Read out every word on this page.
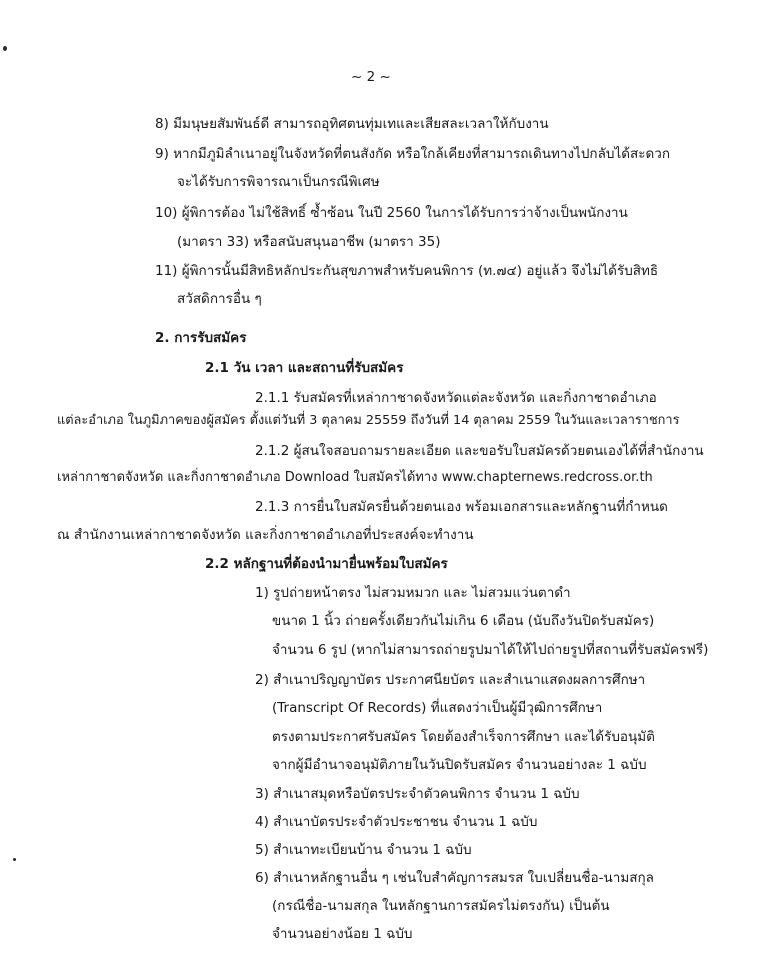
~ 2 ~
8) มีมนุษยสัมพันธ์ดี สามารถอุทิศตนทุ่มเทและเสียสละเวลาให้กับงาน
9) หากมีภูมิลำเนาอยู่ในจังหวัดที่ตนสังกัด หรือใกล้เคียงที่สามารถเดินทางไปกลับได้สะดวก
จะได้รับการพิจารณาเป็นกรณีพิเศษ
10) ผู้พิการต้อง ไม่ใช้สิทธิ์ ซ้ำซ้อน ในปี 2560 ในการได้รับการว่าจ้างเป็นพนักงาน
(มาตรา 33) หรือสนับสนุนอาชีพ (มาตรา 35)
11) ผู้พิการนั้นมีสิทธิหลักประกันสุขภาพสำหรับคนพิการ (ท.๗๔) อยู่แล้ว จึงไม่ได้รับสิทธิ
สวัสดิการอื่น ๆ
2. การรับสมัคร
2.1 วัน เวลา และสถานที่รับสมัคร
2.1.1 รับสมัครที่เหล่ากาชาดจังหวัดแต่ละจังหวัด และกิ่งกาชาดอำเภอ
แต่ละอำเภอ ในภูมิภาคของผู้สมัคร ตั้งแต่วันที่ 3 ตุลาคม 25559 ถึงวันที่ 14 ตุลาคม 2559 ในวันและเวลาราชการ
2.1.2 ผู้สนใจสอบถามรายละเอียด และขอรับใบสมัครด้วยตนเองได้ที่สำนักงาน
เหล่ากาชาดจังหวัด และกิ่งกาชาดอำเภอ Download ใบสมัครได้ทาง www.chapternews.redcross.or.th
2.1.3 การยื่นใบสมัครยื่นด้วยตนเอง พร้อมเอกสารและหลักฐานที่กำหนด
ณ สำนักงานเหล่ากาชาดจังหวัด และกิ่งกาชาดอำเภอที่ประสงค์จะทำงาน
2.2 หลักฐานที่ต้องนำมายื่นพร้อมใบสมัคร
1) รูปถ่ายหน้าตรง ไม่สวมหมวก และ ไม่สวมแว่นตาดำ
ขนาด 1 นิ้ว ถ่ายครั้งเดียวกันไม่เกิน 6 เดือน (นับถึงวันปิดรับสมัคร)
จำนวน 6 รูป (หากไม่สามารถถ่ายรูปมาได้ให้ไปถ่ายรูปที่สถานที่รับสมัครฟรี)
2) สำเนาปริญญาบัตร ประกาศนียบัตร และสำเนาแสดงผลการศึกษา
(Transcript Of Records) ที่แสดงว่าเป็นผู้มีวุฒิการศึกษา
ตรงตามประกาศรับสมัคร โดยต้องสำเร็จการศึกษา และได้รับอนุมัติ
จากผู้มีอำนาจอนุมัติภายในวันปิดรับสมัคร จำนวนอย่างละ 1 ฉบับ
3) สำเนาสมุดหรือบัตรประจำตัวคนพิการ จำนวน 1 ฉบับ
4) สำเนาบัตรประจำตัวประชาชน จำนวน 1 ฉบับ
5) สำเนาทะเบียนบ้าน จำนวน 1 ฉบับ
6) สำเนาหลักฐานอื่น ๆ เช่นใบสำคัญการสมรส ใบเปลี่ยนชื่อ-นามสกุล
(กรณีชื่อ-นามสกุล ในหลักฐานการสมัครไม่ตรงกัน) เป็นต้น
จำนวนอย่างน้อย 1 ฉบับ
